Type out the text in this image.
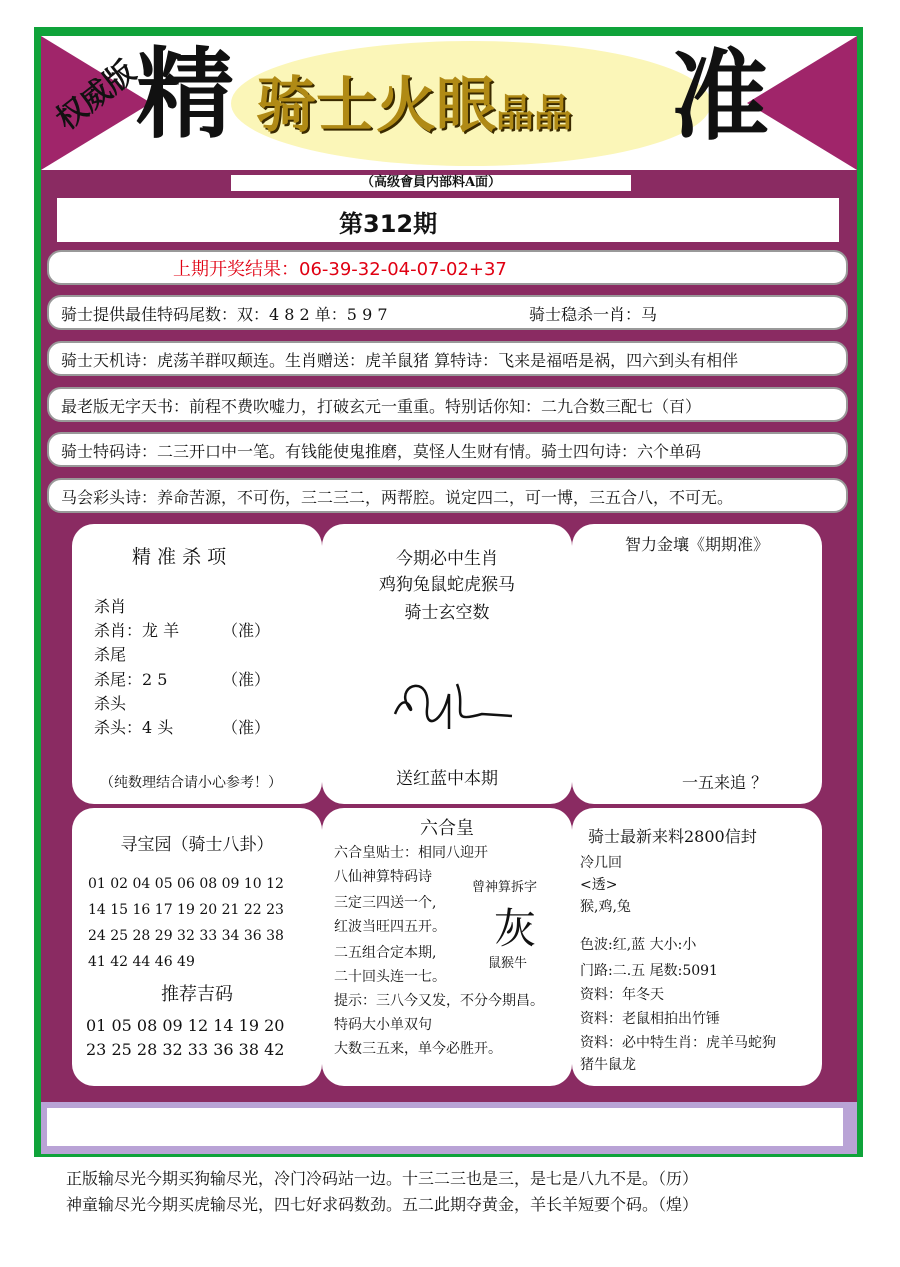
权威版
精 骑士火眼晶晶 准
（高级會員内部料A面）
第312期
上期开奖结果：06-39-32-04-07-02+37
骑士提供最佳特码尾数：双：4 8 2 单：5 9 7	骑士稳杀一肖：马
骑士天机诗：虎荡羊群叹颠连。生肖赠送：虎羊鼠猪 算特诗：飞来是福唔是祸，四六到头有相伴
最老版无字天书：前程不费吹嘘力，打破玄元一重重。特别话你知：二九合数三配七（百）
骑士特码诗：二三开口中一笔。有钱能使鬼推磨，莫怪人生财有情。骑士四句诗：六个单码
马会彩头诗：养命苦源，不可伤，三二三二，两帮腔。说定四二，可一博，三五合八，不可无。
精 准 杀 项
杀肖
杀肖：龙 羊	（准）
杀尾
杀尾：2 5	（准）
杀头
杀头：4 头	（准）
（纯数理结合请小心参考！）
今期必中生肖
鸡狗兔鼠蛇虎猴马
骑士玄空数
送红蓝中本期
智力金壤《期期准》
一五来追 ？
寻宝园（骑士八卦）
01 02 04 05 06 08 09 10 12
14 15 16 17 19 20 21 22 23
24 25 28 29 32 33 34 36 38
41 42 44 46 49
推荐吉码
01 05 08 09 12 14 19 20
23 25 28 32 33 36 38 42
六合皇
六合皇贴士：相同八迎开
八仙神算特码诗
三定三四送一个,
红波当旺四五开。
二五组合定本期,
二十回头连一七。
提示：三八今又发，不分今期昌。
特码大小单双句
大数三五来，单今必胜开。
曾神算拆字
灰
鼠猴牛
骑士最新来料2800信封
冷几回
<透>
猴,鸡,兔
色波:红,蓝 大小:小
门路:二.五 尾数:5091
资料：年冬天
资料：老鼠相拍出竹锤
资料：必中特生肖：虎羊马蛇狗
猪牛鼠龙
正版输尽光今期买狗输尽光，冷门冷码站一边。十三二三也是三，是七是八九不是。（历）
神童输尽光今期买虎输尽光，四七好求码数劲。五二此期夺黄金，羊长羊短要个码。（煌）
